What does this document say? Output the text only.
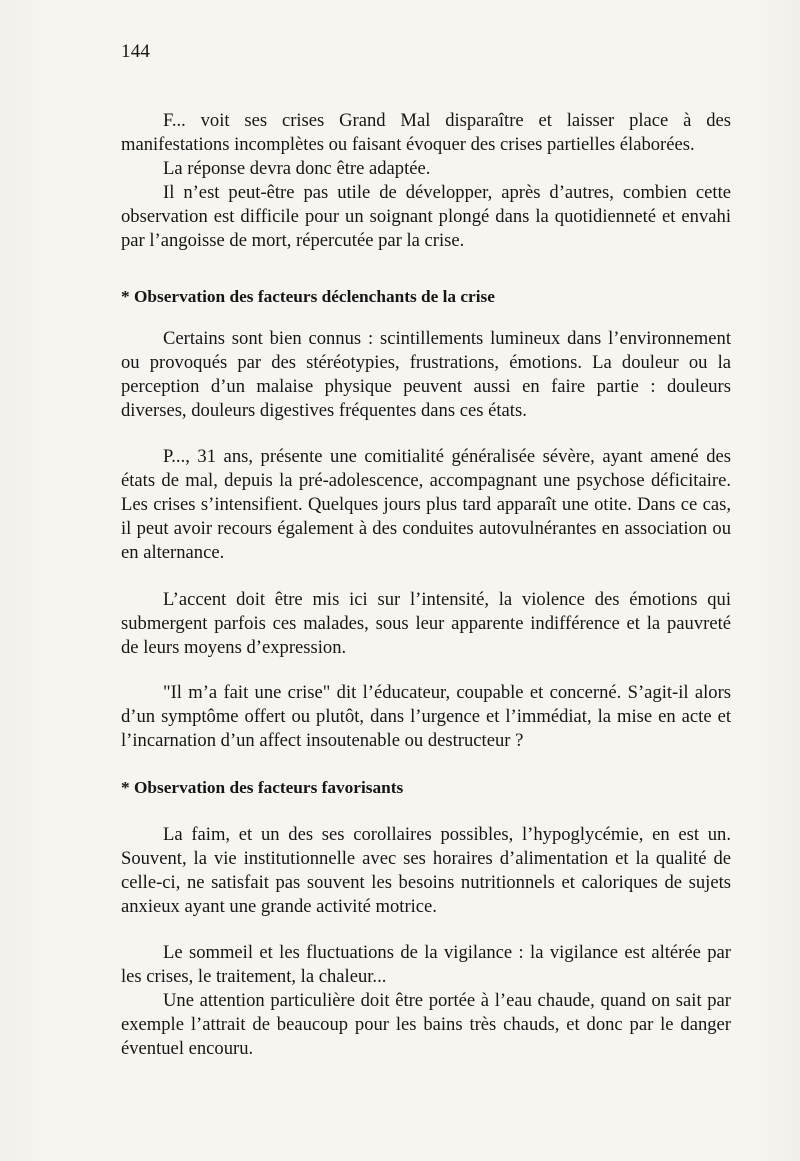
144

F... voit ses crises Grand Mal disparaître et laisser place à des manifestations incomplètes ou faisant évoquer des crises partielles élaborées.

La réponse devra donc être adaptée.

Il n’est peut-être pas utile de développer, après d’autres, combien cette observation est difficile pour un soignant plongé dans la quotidienneté et envahi par l’angoisse de mort, répercutée par la crise.

* Observation des facteurs déclenchants de la crise

Certains sont bien connus : scintillements lumineux dans l’environnement ou provoqués par des stéréotypies, frustrations, émotions. La douleur ou la perception d’un malaise physique peuvent aussi en faire partie : douleurs diverses, douleurs digestives fréquentes dans ces états.

P..., 31 ans, présente une comitialité généralisée sévère, ayant amené des états de mal, depuis la pré-adolescence, accompagnant une psychose déficitaire. Les crises s’intensifient. Quelques jours plus tard apparaît une otite. Dans ce cas, il peut avoir recours également à des conduites autovulnérantes en association ou en alternance.

L’accent doit être mis ici sur l’intensité, la violence des émotions qui submergent parfois ces malades, sous leur apparente indifférence et la pauvreté de leurs moyens d’expression.

"Il m’a fait une crise" dit l’éducateur, coupable et concerné. S’agit-il alors d’un symptôme offert ou plutôt, dans l’urgence et l’immédiat, la mise en acte et l’incarnation d’un affect insoutenable ou destructeur ?

* Observation des facteurs favorisants

La faim, et un des ses corollaires possibles, l’hypoglycémie, en est un. Souvent, la vie institutionnelle avec ses horaires d’alimentation et la qualité de celle-ci, ne satisfait pas souvent les besoins nutritionnels et caloriques de sujets anxieux ayant une grande activité motrice.

Le sommeil et les fluctuations de la vigilance : la vigilance est altérée par les crises, le traitement, la chaleur...

Une attention particulière doit être portée à l’eau chaude, quand on sait par exemple l’attrait de beaucoup pour les bains très chauds, et donc par le danger éventuel encouru.
